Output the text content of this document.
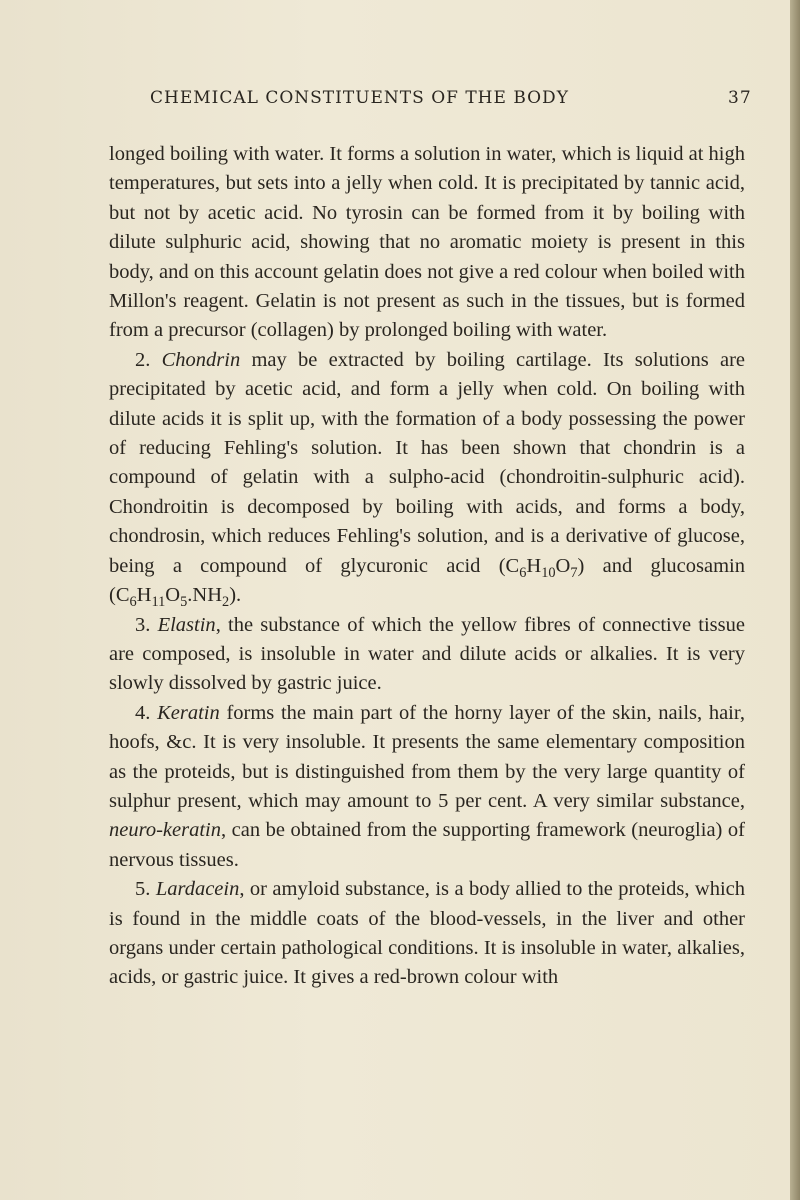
CHEMICAL CONSTITUENTS OF THE BODY	37

longed boiling with water. It forms a solution in water, which is liquid at high temperatures, but sets into a jelly when cold. It is precipitated by tannic acid, but not by acetic acid. No tyrosin can be formed from it by boiling with dilute sulphuric acid, showing that no aromatic moiety is present in this body, and on this account gelatin does not give a red colour when boiled with Millon's reagent. Gelatin is not present as such in the tissues, but is formed from a precursor (collagen) by prolonged boiling with water.

2. Chondrin may be extracted by boiling cartilage. Its solutions are precipitated by acetic acid, and form a jelly when cold. On boiling with dilute acids it is split up, with the formation of a body possessing the power of reducing Fehling's solution. It has been shown that chondrin is a compound of gelatin with a sulpho-acid (chondroitin-sulphuric acid). Chondroitin is decomposed by boiling with acids, and forms a body, chondrosin, which reduces Fehling's solution, and is a derivative of glucose, being a compound of glycuronic acid $(C_6H_{10}O_7)$ and glucosamin $(C_6H_{11}O_5.NH_2)$.

3. Elastin, the substance of which the yellow fibres of connective tissue are composed, is insoluble in water and dilute acids or alkalies. It is very slowly dissolved by gastric juice.

4. Keratin forms the main part of the horny layer of the skin, nails, hair, hoofs, &c. It is very insoluble. It presents the same elementary composition as the proteids, but is distinguished from them by the very large quantity of sulphur present, which may amount to 5 per cent. A very similar substance, neuro-keratin, can be obtained from the supporting framework (neuroglia) of nervous tissues.

5. Lardacein, or amyloid substance, is a body allied to the proteids, which is found in the middle coats of the blood-vessels, in the liver and other organs under certain pathological conditions. It is insoluble in water, alkalies, acids, or gastric juice. It gives a red-brown colour with
